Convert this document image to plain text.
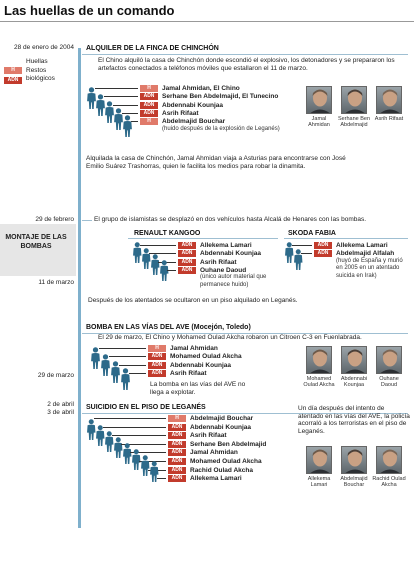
Las huellas de un comando
H
Huellas
ADN
Restos biológicos
28 de enero de 2004
29 de febrero
MONTAJE DE LAS BOMBAS
11 de marzo
29 de marzo
2 de abril
3 de abril
ALQUILER DE LA FINCA DE CHINCHÓN
El Chino alquiló la casa de Chinchón donde escondió el explosivo, los detonadores y se prepararon los artefactos conectados a teléfonos móviles que estallaron el 11 de marzo.
H	Jamal Ahmidan, El Chino
ADN	Serhane Ben Abdelmajid, El Tunecino
ADN	Abdennabi Kounjaa
ADN	Asrih Rifaat
H	Abdelmajid Bouchar
(huido después de la explosión de Leganés)
Jamal Ahmidan
Serhane Ben Abdelmajid
Asrih Rifaat
Alquilada la casa de Chinchón, Jamal Ahmidan viaja a Asturias para encontrarse con José Emilio Suárez Trashorras, quien le facilita los medios para robar la dinamita.
El grupo de islamistas se desplazó en dos vehículos hasta Alcalá de Henares con las bombas.
RENAULT KANGOO
ADN	Allekema Lamari
ADN	Abdennabi Kounjaa
ADN	Asrih Rifaat
ADN	Ouhane Daoud
(único autor material que permanece huido)
SKODA FABIA
ADN	Allekema Lamari
ADN	Abdelmajid Alfalah
(huyó de España y murió en 2005 en un atentado suicida en Irak)
Después de los atentados se ocultaron en un piso alquilado en Leganés.
BOMBA EN LAS VÍAS DEL AVE (Mocejón, Toledo)
El 29 de marzo, El Chino y Mohamed Oulad Akcha robaron un Citroen C-3 en Fuenlabrada.
H	Jamal Ahmidan
ADN	Mohamed Oulad Akcha
ADN	Abdennabi Kounjaa
ADN	Asrih Rifaat
La bomba en las vías del AVE no llega a explotar.
Mohamed Oulad Akcha
Abdennabi Kounjaa
Ouhane Daoud
SUICIDIO EN EL PISO DE LEGANÉS
H	Abdelmajid Bouchar
ADN	Abdennabi Kounjaa
ADN	Asrih Rifaat
ADN	Serhane Ben Abdelmajid
ADN	Jamal Ahmidan
ADN	Mohamed Oulad Akcha
ADN	Rachid Oulad Akcha
ADN	Allekema Lamari
Un día después del intento de atentado en las vías del AVE, la policía acorraló a los terroristas en el piso de Leganés.
Allekema Lamari
Abdelmajid Bouchar
Rachid Oulad Akcha
